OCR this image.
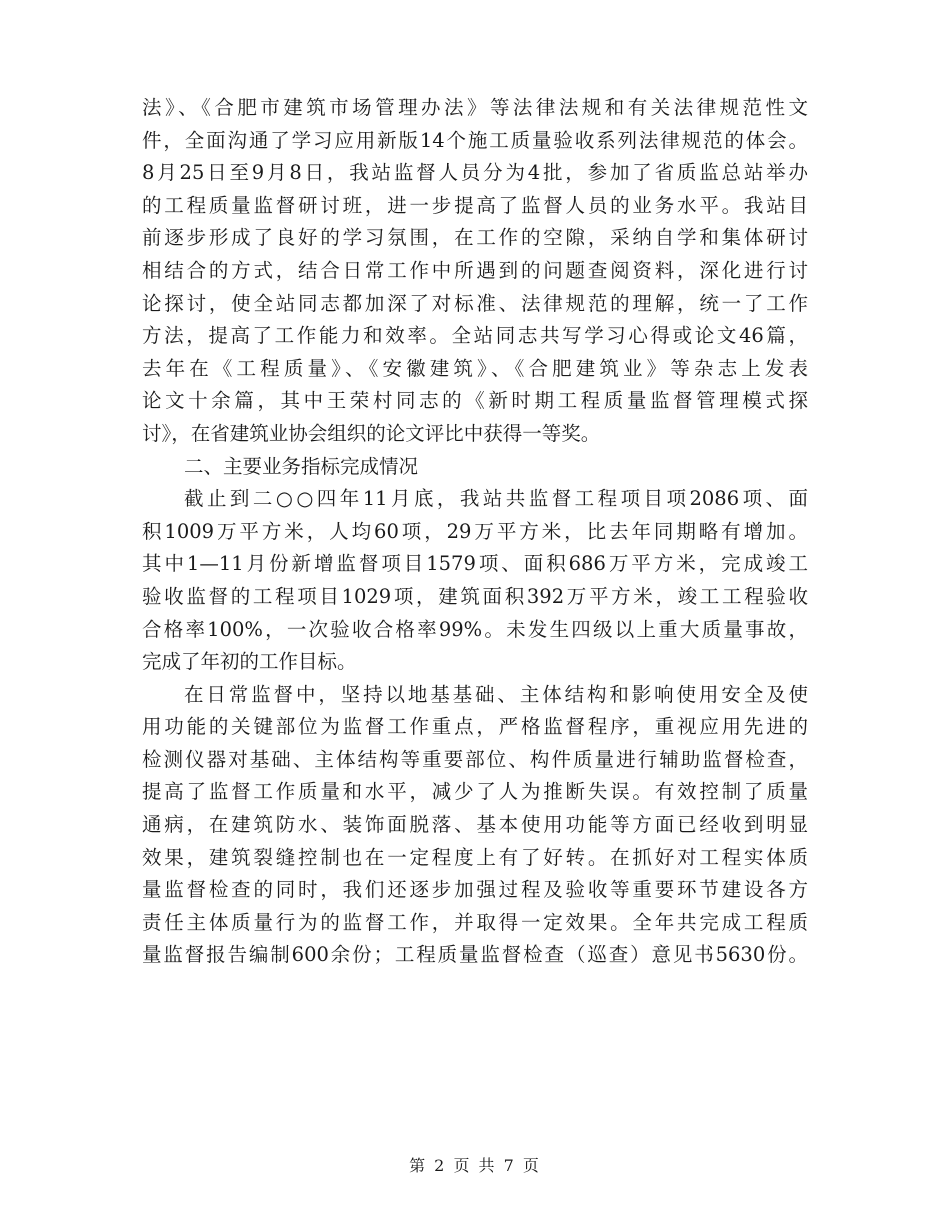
法》、《合肥市建筑市场管理办法》等法律法规和有关法律规范性文
件，全面沟通了学习应用新版14个施工质量验收系列法律规范的体会。
8月25日至9月8日，我站监督人员分为4批，参加了省质监总站举办
的工程质量监督研讨班，进一步提高了监督人员的业务水平。我站目
前逐步形成了良好的学习氛围，在工作的空隙，采纳自学和集体研讨
相结合的方式，结合日常工作中所遇到的问题查阅资料，深化进行讨
论探讨，使全站同志都加深了对标准、法律规范的理解，统一了工作
方法，提高了工作能力和效率。全站同志共写学习心得或论文46篇，
去年在《工程质量》、《安徽建筑》、《合肥建筑业》等杂志上发表
论文十余篇，其中王荣村同志的《新时期工程质量监督管理模式探
讨》，在省建筑业协会组织的论文评比中获得一等奖。
二、主要业务指标完成情况
截止到二○○四年11月底，我站共监督工程项目项2086项、面
积1009万平方米，人均60项，29万平方米，比去年同期略有增加。
其中1—11月份新增监督项目1579项、面积686万平方米，完成竣工
验收监督的工程项目1029项，建筑面积392万平方米，竣工工程验收
合格率100%，一次验收合格率99%。未发生四级以上重大质量事故，
完成了年初的工作目标。
在日常监督中，坚持以地基基础、主体结构和影响使用安全及使
用功能的关键部位为监督工作重点，严格监督程序，重视应用先进的
检测仪器对基础、主体结构等重要部位、构件质量进行辅助监督检查，
提高了监督工作质量和水平，减少了人为推断失误。有效控制了质量
通病，在建筑防水、装饰面脱落、基本使用功能等方面已经收到明显
效果，建筑裂缝控制也在一定程度上有了好转。在抓好对工程实体质
量监督检查的同时，我们还逐步加强过程及验收等重要环节建设各方
责任主体质量行为的监督工作，并取得一定效果。全年共完成工程质
量监督报告编制600余份；工程质量监督检查（巡查）意见书5630份。
第 2 页 共 7 页
